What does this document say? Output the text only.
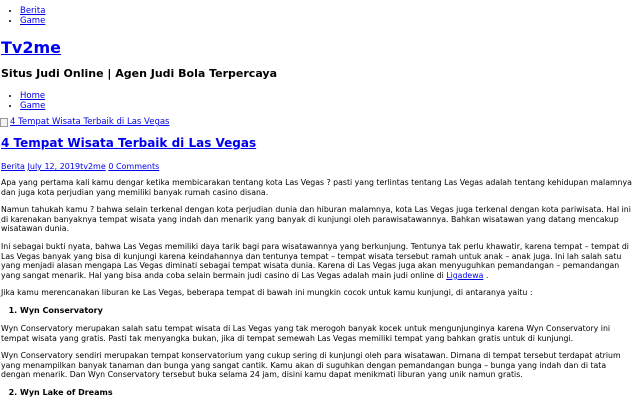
• Berita
• Game
Tv2me

Situs Judi Online | Agen Judi Bola Terpercaya

• Home
• Game
4 Tempat Wisata Terbaik di Las Vegas
4 Tempat Wisata Terbaik di Las Vegas
Berita July 12, 2019tv2me 0 Comments

Apa yang pertama kali kamu dengar ketika membicarakan tentang kota Las Vegas ? pasti yang terlintas tentang Las Vegas adalah tentang kehidupan malamnya dan juga kota perjudian yang memiliki banyak rumah casino disana.

Namun tahukah kamu ? bahwa selain terkenal dengan kota perjudian dunia dan hiburan malamnya, kota Las Vegas juga terkenal dengan kota pariwisata. Hal ini di karenakan banyaknya tempat wisata yang indah dan menarik yang banyak di kunjungi oleh parawisatawannya. Bahkan wisatawan yang datang mencakup wisatawan dunia.

Ini sebagai bukti nyata, bahwa Las Vegas memiliki daya tarik bagi para wisatawannya yang berkunjung. Tentunya tak perlu khawatir, karena tempat – tempat di Las Vegas banyak yang bisa di kunjungi karena keindahannya dan tentunya tempat – tempat wisata tersebut ramah untuk anak – anak juga. Ini lah salah satu yang menjadi alasan mengapa Las Vegas diminati sebagai tempat wisata dunia. Karena di Las Vegas juga akan menyuguhkan pemandangan – pemandangan yang sangat menarik. Hal yang bisa anda coba selain bermain judi casino di Las Vegas adalah main judi online di Ligadewa .

Jika kamu merencanakan liburan ke Las Vegas, beberapa tempat di bawah ini mungkin cocok untuk kamu kunjungi, di antaranya yaitu :

1. Wyn Conservatory

Wyn Conservatory merupakan salah satu tempat wisata di Las Vegas yang tak merogoh banyak kocek untuk mengunjunginya karena Wyn Conservatory ini tempat wisata yang gratis. Pasti tak menyangka bukan, jika di tempat semewah Las Vegas memiliki tempat yang bahkan gratis untuk di kunjungi.

Wyn Conservatory sendiri merupakan tempat konservatorium yang cukup sering di kunjungi oleh para wisatawan. Dimana di tempat tersebut terdapat atrium yang menampilkan banyak tanaman dan bunga yang sangat cantik. Kamu akan di suguhkan dengan pemandangan bunga – bunga yang indah dan di tata dengan menarik. Dan Wyn Conservatory tersebut buka selama 24 jam, disini kamu dapat menikmati liburan yang unik namun gratis.

2. Wyn Lake of Dreams
